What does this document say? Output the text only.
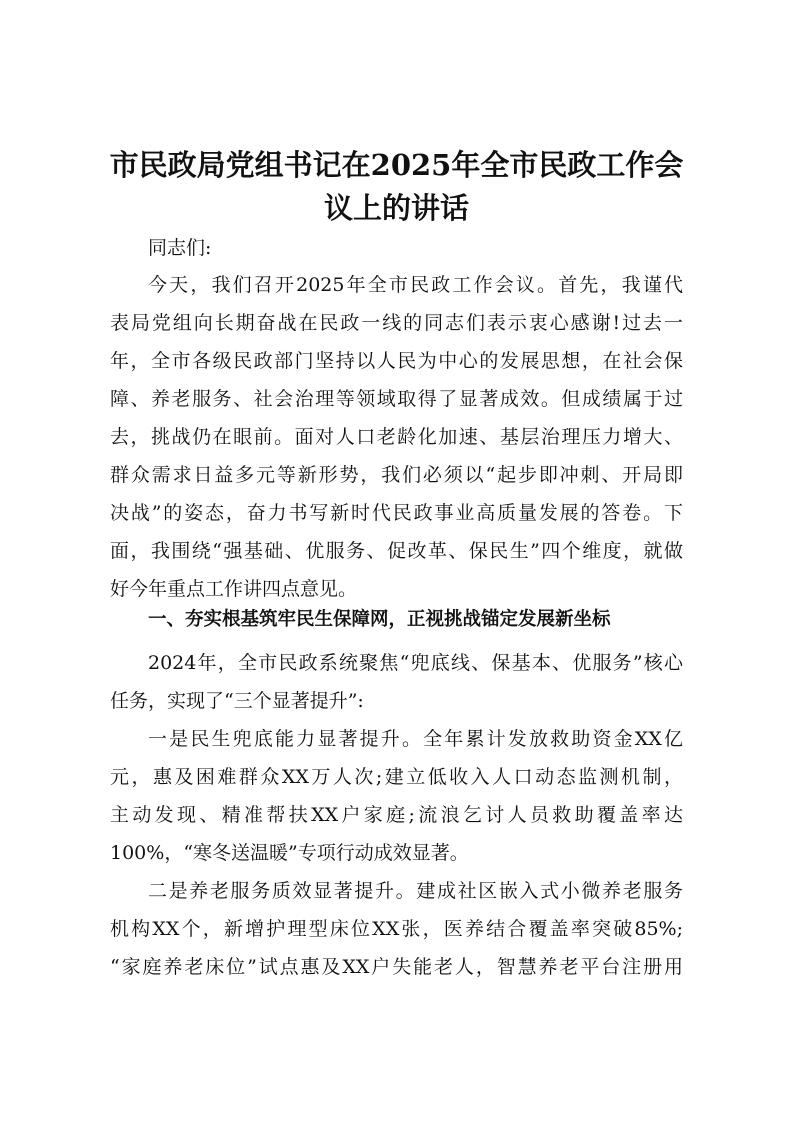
市民政局党组书记在2025年全市民政工作会
议上的讲话
同志们:
今天，我们召开2025年全市民政工作会议。首先，我谨代
表局党组向长期奋战在民政一线的同志们表示衷心感谢!过去一
年，全市各级民政部门坚持以人民为中心的发展思想，在社会保
障、养老服务、社会治理等领域取得了显著成效。但成绩属于过
去，挑战仍在眼前。面对人口老龄化加速、基层治理压力增大、
群众需求日益多元等新形势，我们必须以“起步即冲刺、开局即
决战”的姿态，奋力书写新时代民政事业高质量发展的答卷。下
面，我围绕“强基础、优服务、促改革、保民生”四个维度，就做
好今年重点工作讲四点意见。
一、夯实根基筑牢民生保障网，正视挑战锚定发展新坐标
2024年，全市民政系统聚焦“兜底线、保基本、优服务”核心
任务，实现了“三个显著提升”:
一是民生兜底能力显著提升。全年累计发放救助资金XX亿
元，惠及困难群众XX万人次;建立低收入人口动态监测机制，
主动发现、精准帮扶XX户家庭;流浪乞讨人员救助覆盖率达
100%，“寒冬送温暖”专项行动成效显著。
二是养老服务质效显著提升。建成社区嵌入式小微养老服务
机构XX个，新增护理型床位XX张，医养结合覆盖率突破85%;
“家庭养老床位”试点惠及XX户失能老人，智慧养老平台注册用
